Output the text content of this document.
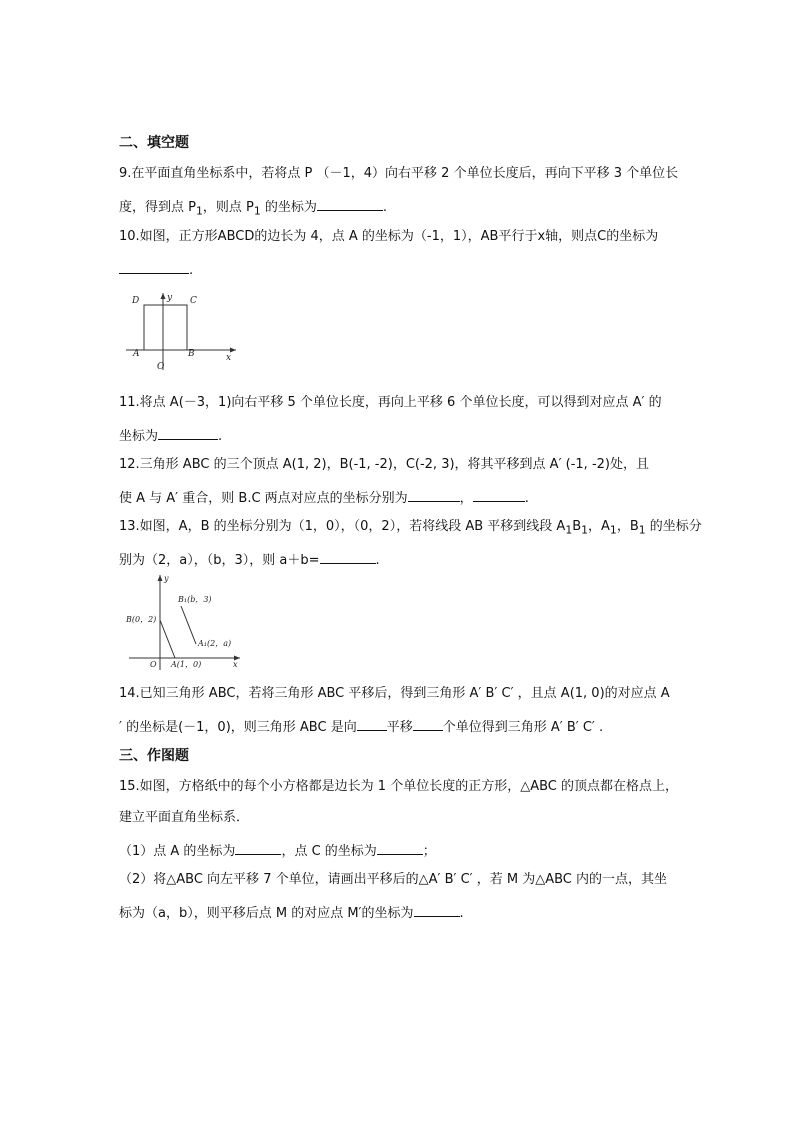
二、填空题
9.在平面直角坐标系中，若将点 P （－1，4）向右平移 2 个单位长度后，再向下平移 3 个单位长
度，得到点 $P_1$，则点 $P_1$ 的坐标为	.
10.如图，正方形ABCD的边长为 4，点 A 的坐标为（-1，1），AB平行于x轴，则点C的坐标为
.
D	C
y
A	B	x
O
11.将点 A(－3，1)向右平移 5 个单位长度，再向上平移 6 个单位长度，可以得到对应点 A′ 的
坐标为	.
12.三角形 ABC 的三个顶点 A(1, 2)，B(-1, -2)，C(-2, 3)，将其平移到点 A′ (-1, -2)处，且
使 A 与 A′ 重合，则 B.C 两点对应点的坐标分别为	，	.
13.如图，A，B 的坐标分别为（1，0），（0，2），若将线段 AB 平移到线段 $A_1B_1$，$A_1$，$B_1$ 的坐标分
别为（2，a），（b，3），则 a＋b=	.
y
B₁(b，3)
B(0，2)
A₁(2，a)
O A(1，0)	x
14.已知三角形 ABC，若将三角形 ABC 平移后，得到三角形 A′ B′ C′ ，且点 A(1, 0)的对应点 A
′ 的坐标是(－1，0)，则三角形 ABC 是向 平移 个单位得到三角形 A′ B′ C′ .
三、作图题
15.如图，方格纸中的每个小方格都是边长为 1 个单位长度的正方形，△ABC 的顶点都在格点上，
建立平面直角坐标系．
（1）点 A 的坐标为	，点 C 的坐标为	；
（2）将△ABC 向左平移 7 个单位，请画出平移后的△A′ B′ C′ ，若 M 为△ABC 内的一点，其坐
标为（a，b），则平移后点 M 的对应点 M′的坐标为	.
